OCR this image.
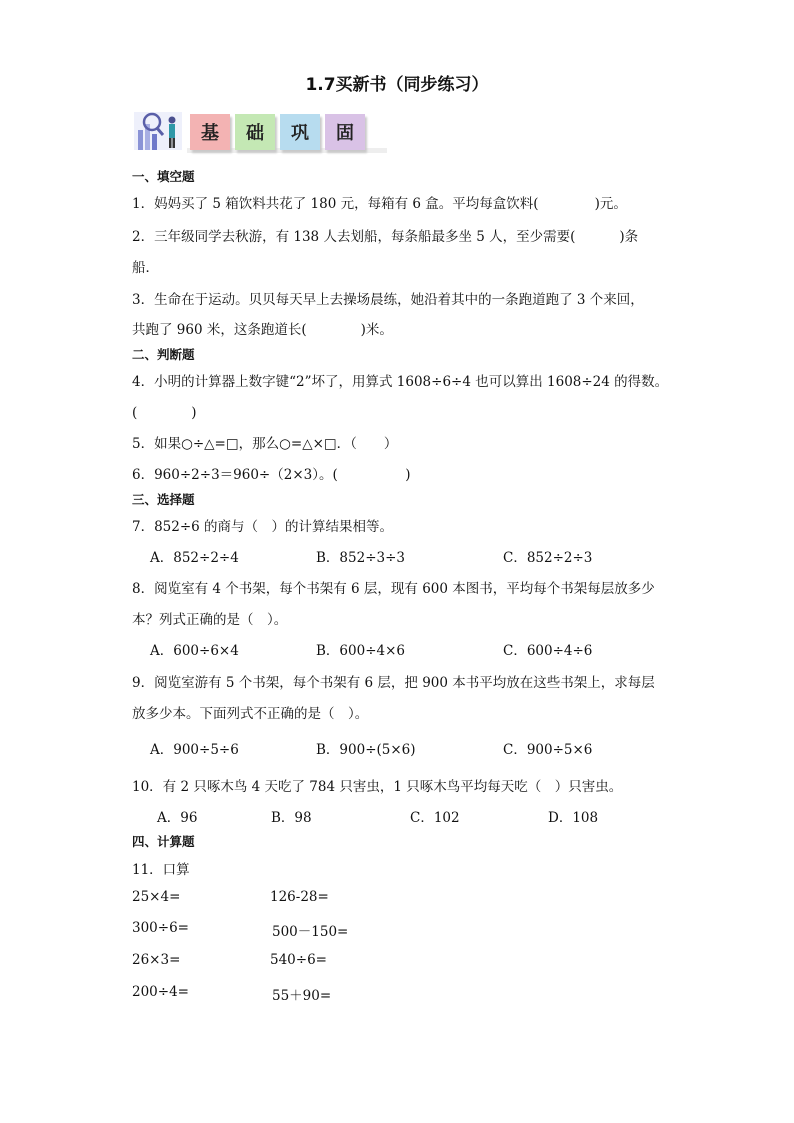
1.7买新书（同步练习）
基	础	巩	固
一、填空题
1．妈妈买了 5 箱饮料共花了 180 元，每箱有 6 盒。平均每盒饮料(	)元。
2．三年级同学去秋游，有 138 人去划船，每条船最多坐 5 人，至少需要(	)条
船．
3．生命在于运动。贝贝每天早上去操场晨练，她沿着其中的一条跑道跑了 3 个来回，
共跑了 960 米，这条跑道长(	)米。
二、判断题
4．小明的计算器上数字键“2”坏了，用算式 1608÷6÷4 也可以算出 1608÷24 的得数。
(　　　　)
5．如果○÷△=□，那么○=△×□．（　　）
6．960÷2÷3＝960÷（2×3）。(　　　　　)
三、选择题
7．852÷6 的商与（　）的计算结果相等。
A．852÷2÷4	B．852÷3÷3	C．852÷2÷3
8．阅览室有 4 个书架，每个书架有 6 层，现有 600 本图书，平均每个书架每层放多少
本？列式正确的是（　）。
A．600÷6×4	B．600÷4×6	C．600÷4÷6
9．阅览室游有 5 个书架，每个书架有 6 层，把 900 本书平均放在这些书架上，求每层
放多少本。下面列式不正确的是（　）。
A．900÷5÷6	B．900÷(5×6)	C．900÷5×6
10．有 2 只啄木鸟 4 天吃了 784 只害虫，1 只啄木鸟平均每天吃（　）只害虫。
A．96	B．98	C．102	D．108
四、计算题
11．口算
25×4=	126-28=
300÷6=	500－150=
26×3=	540÷6=
200÷4=	55＋90=
